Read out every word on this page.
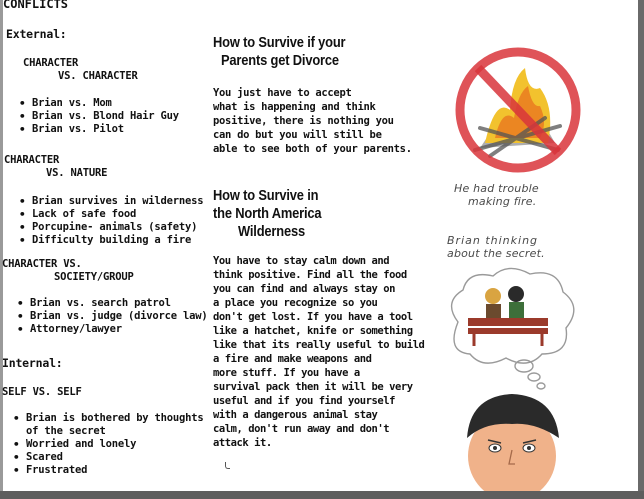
CONFLICTS
External:
CHARACTER
VS. CHARACTER
• Brian vs. Mom
• Brian vs. Blond Hair Guy
• Brian vs. Pilot
CHARACTER
VS. NATURE
• Brian survives in wilderness
• Lack of safe food
• Porcupine- animals (safety)
• Difficulty building a fire
CHARACTER VS.
SOCIETY/GROUP
• Brian vs. search patrol
• Brian vs. judge (divorce law)
• Attorney/lawyer
Internal:
SELF VS. SELF
• Brian is bothered by thoughts
of the secret
• Worried and lonely
• Scared
• Frustrated
How to Survive if your
Parents get Divorce
You just have to accept
what is happening and think
positive, there is nothing you
can do but you will still be
able to see both of your parents.
How to Survive in
the North America
Wilderness
You have to stay calm down and
think positive. Find all the food
you can find and always stay on
a place you recognize so you
don't get lost. If you have a tool
like a hatchet, knife or something
like that its really useful to build
a fire and make weapons and
more stuff. If you have a
survival pack then it will be very
useful and if you find yourself
with a dangerous animal stay
calm, don't run away and don't
attack it.
He had trouble
making fire.
Brian thinking
about the secret.
